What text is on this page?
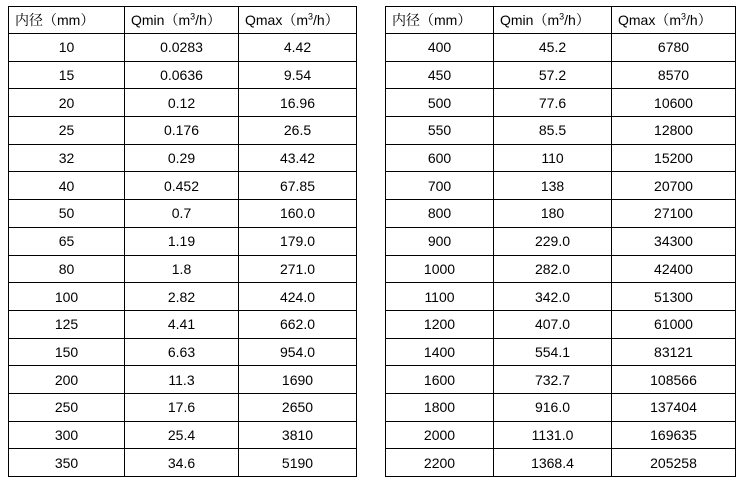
内径（mm）	$Qmin(m^3/h)$	$Qmax(m^3/h)$
10	0.0283	4.42
15	0.0636	9.54
20	0.12	16.96
25	0.176	26.5
32	0.29	43.42
40	0.452	67.85
50	0.7	160.0
65	1.19	179.0
80	1.8	271.0
100	2.82	424.0
125	4.41	662.0
150	6.63	954.0
200	11.3	1690
250	17.6	2650
300	25.4	3810
350	34.6	5190
内径（mm）	$Qmin(m^3/h)$	$Qmax(m^3/h)$
400	45.2	6780
450	57.2	8570
500	77.6	10600
550	85.5	12800
600	110	15200
700	138	20700
800	180	27100
900	229.0	34300
1000	282.0	42400
1100	342.0	51300
1200	407.0	61000
1400	554.1	83121
1600	732.7	108566
1800	916.0	137404
2000	1131.0	169635
2200	1368.4	205258
